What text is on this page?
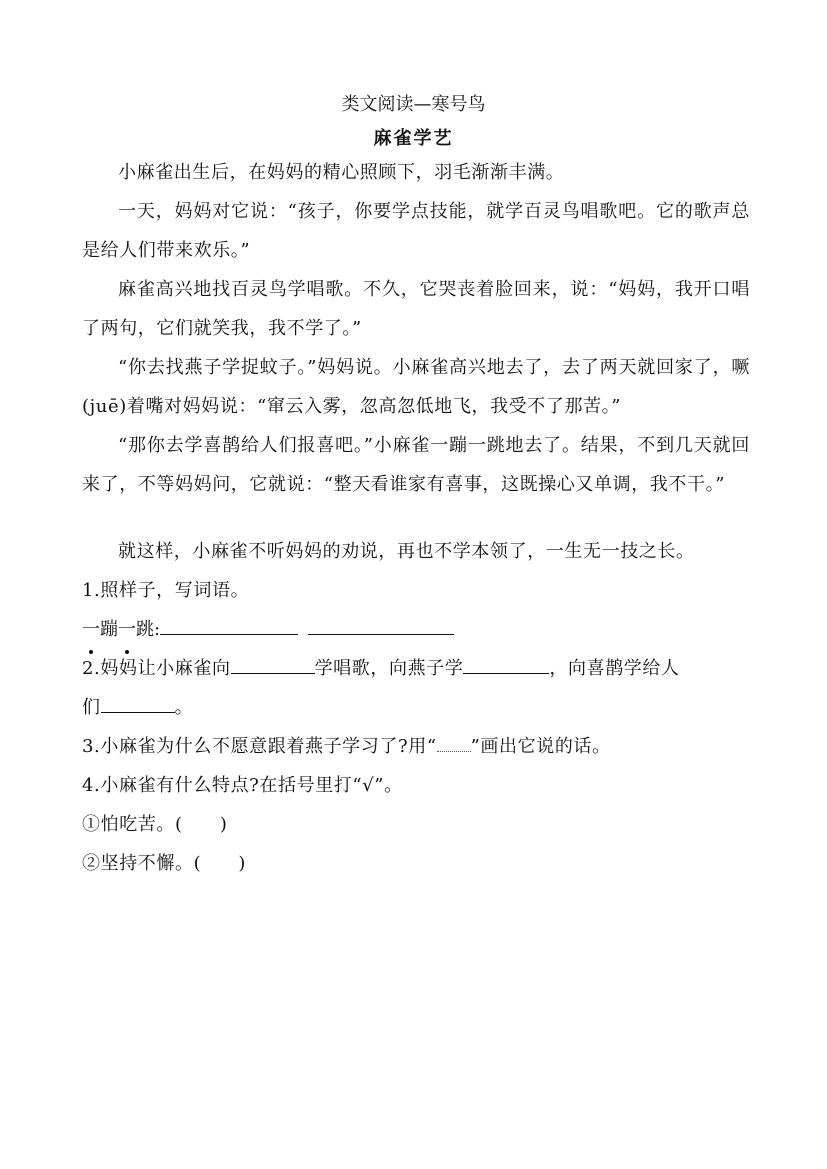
类文阅读—寒号鸟
麻雀学艺
小麻雀出生后，在妈妈的精心照顾下，羽毛渐渐丰满。
一天，妈妈对它说：“孩子，你要学点技能，就学百灵鸟唱歌吧。它的歌声总是给人们带来欢乐。”
麻雀高兴地找百灵鸟学唱歌。不久，它哭丧着脸回来，说：“妈妈，我开口唱了两句，它们就笑我，我不学了。”
“你去找燕子学捉蚊子。”妈妈说。小麻雀高兴地去了，去了两天就回家了，噘(juē)着嘴对妈妈说：“窜云入雾，忽高忽低地飞，我受不了那苦。”
“那你去学喜鹊给人们报喜吧。”小麻雀一蹦一跳地去了。结果，不到几天就回来了，不等妈妈问，它就说：“整天看谁家有喜事，这既操心又单调，我不干。”
就这样，小麻雀不听妈妈的劝说，再也不学本领了，一生无一技之长。
1.照样子，写词语。
一蹦一跳:
2.妈妈让小麻雀向	学唱歌，向燕子学	，向喜鹊学给人
们	。
3.小麻雀为什么不愿意跟着燕子学习了?用“ ”画出它说的话。
4.小麻雀有什么特点?在括号里打“√”。
①怕吃苦。(　　)
②坚持不懈。(　　)
